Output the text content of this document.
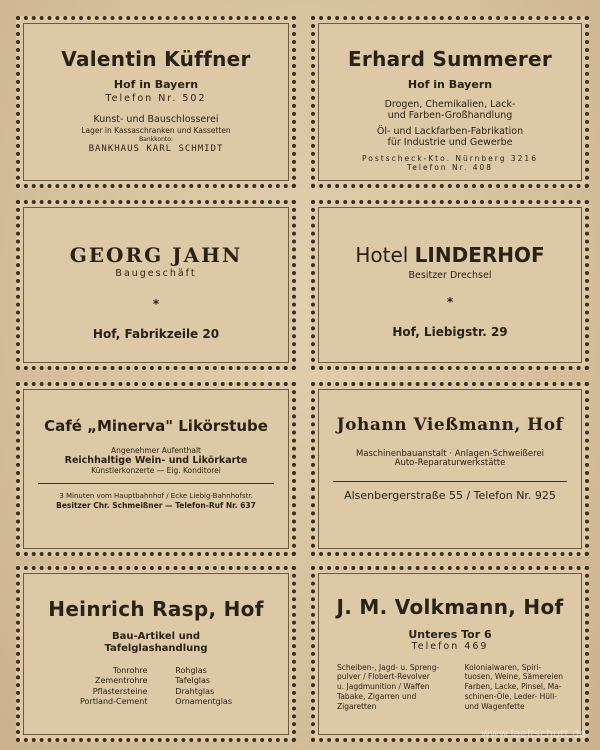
Valentin Küffner
Hof in Bayern
Telefon Nr. 502
Kunst- und Bauschlosserei
Lager in Kassaschranken und Kassetten
Bankkonto:
BANKHAUS KARL SCHMIDT
Erhard Summerer
Hof in Bayern
Drogen, Chemikalien, Lack-
und Farben-Großhandlung
Öl- und Lackfarben-Fabrikation
für Industrie und Gewerbe
Postscheck-Kto. Nürnberg 3216
Telefon Nr. 408
GEORG JAHN
Baugeschäft
*
Hof, Fabrikzeile 20
Hotel LINDERHOF
Besitzer Drechsel
*
Hof, Liebigstr. 29
Café „Minerva" Likörstube
Angenehmer Aufenthalt
Reichhaltige Wein- und Likörkarte
Künstlerkonzerte — Eig. Konditorei
3 Minuten vom Hauptbahnhof / Ecke Liebig-Bahnhofstr.
Besitzer Chr. Schmeißner — Telefon-Ruf Nr. 637
Johann Vießmann, Hof
Maschinenbauanstalt · Anlagen-Schweißerei
Auto-Reparaturwerkstätte
Alsenbergerstraße 55 / Telefon Nr. 925
Heinrich Rasp, Hof
Bau-Artikel und
Tafelglashandlung
Tonrohre
Zementrohre
Pflastersteine
Portland-Cement
Rohglas
Tafelglas
Drahtglas
Ornamentglas
J. M. Volkmann, Hof
Unteres Tor 6
Telefon 469
Scheiben-, Jagd- u. Spreng-
pulver / Flobert-Revolver
u. Jagdmunition / Waffen
Tabake, Zigarren und
Zigaretten
Kolonialwaren, Spiri-
tuosen, Weine, Sämereien
Farben, Lacke, Pinsel, Ma-
schinen-Öle, Leder- Hüll-
und Wagenfette
www.laeltschutt.de
